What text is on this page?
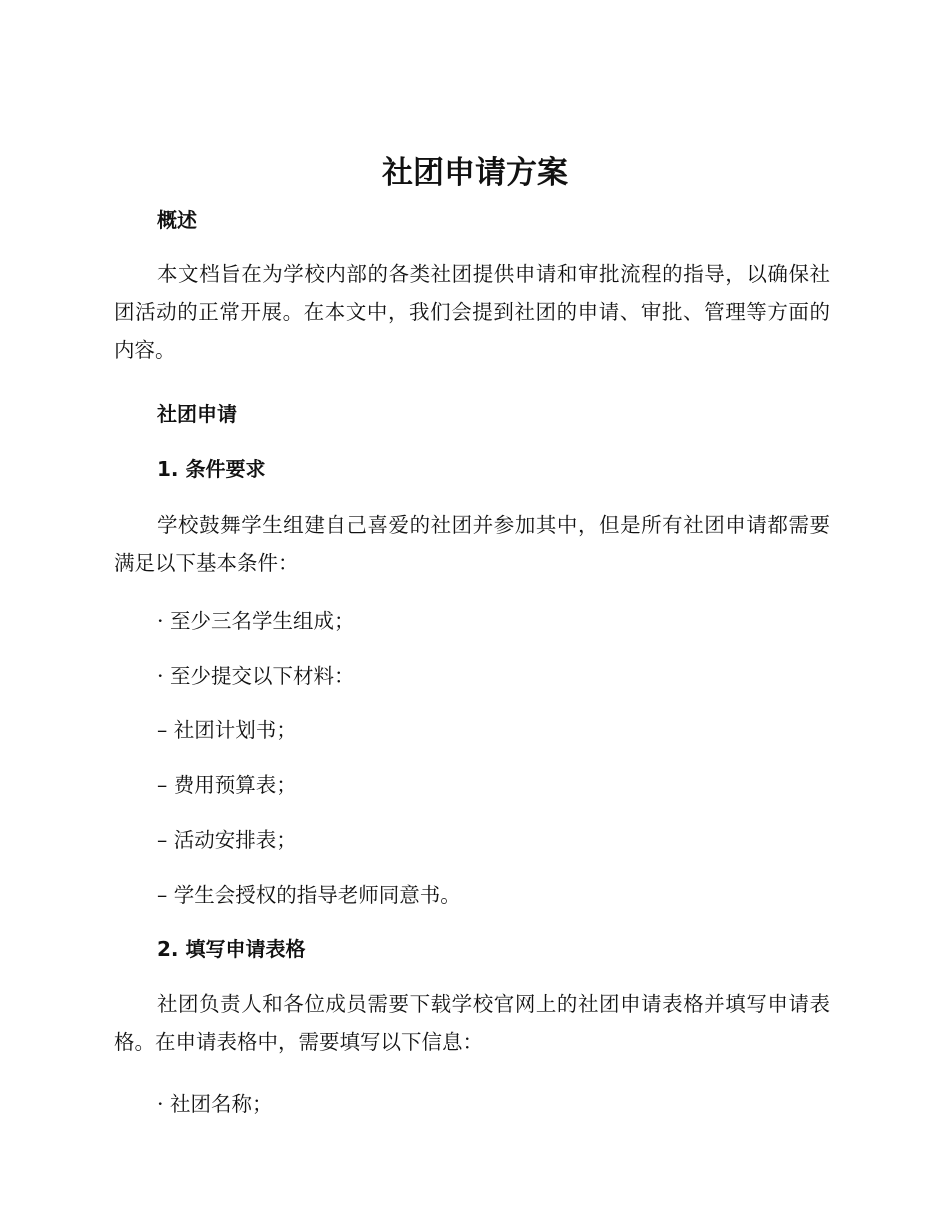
社团申请方案
概述

本文档旨在为学校内部的各类社团提供申请和审批流程的指导，以确保社团活动的正常开展。在本文中，我们会提到社团的申请、审批、管理等方面的内容。

社团申请
1. 条件要求

学校鼓舞学生组建自己喜爱的社团并参加其中，但是所有社团申请都需要满足以下基本条件：

· 至少三名学生组成；
· 至少提交以下材料：
– 社团计划书；
– 费用预算表；
– 活动安排表；
– 学生会授权的指导老师同意书。
2. 填写申请表格

社团负责人和各位成员需要下载学校官网上的社团申请表格并填写申请表格。在申请表格中，需要填写以下信息：

· 社团名称；
